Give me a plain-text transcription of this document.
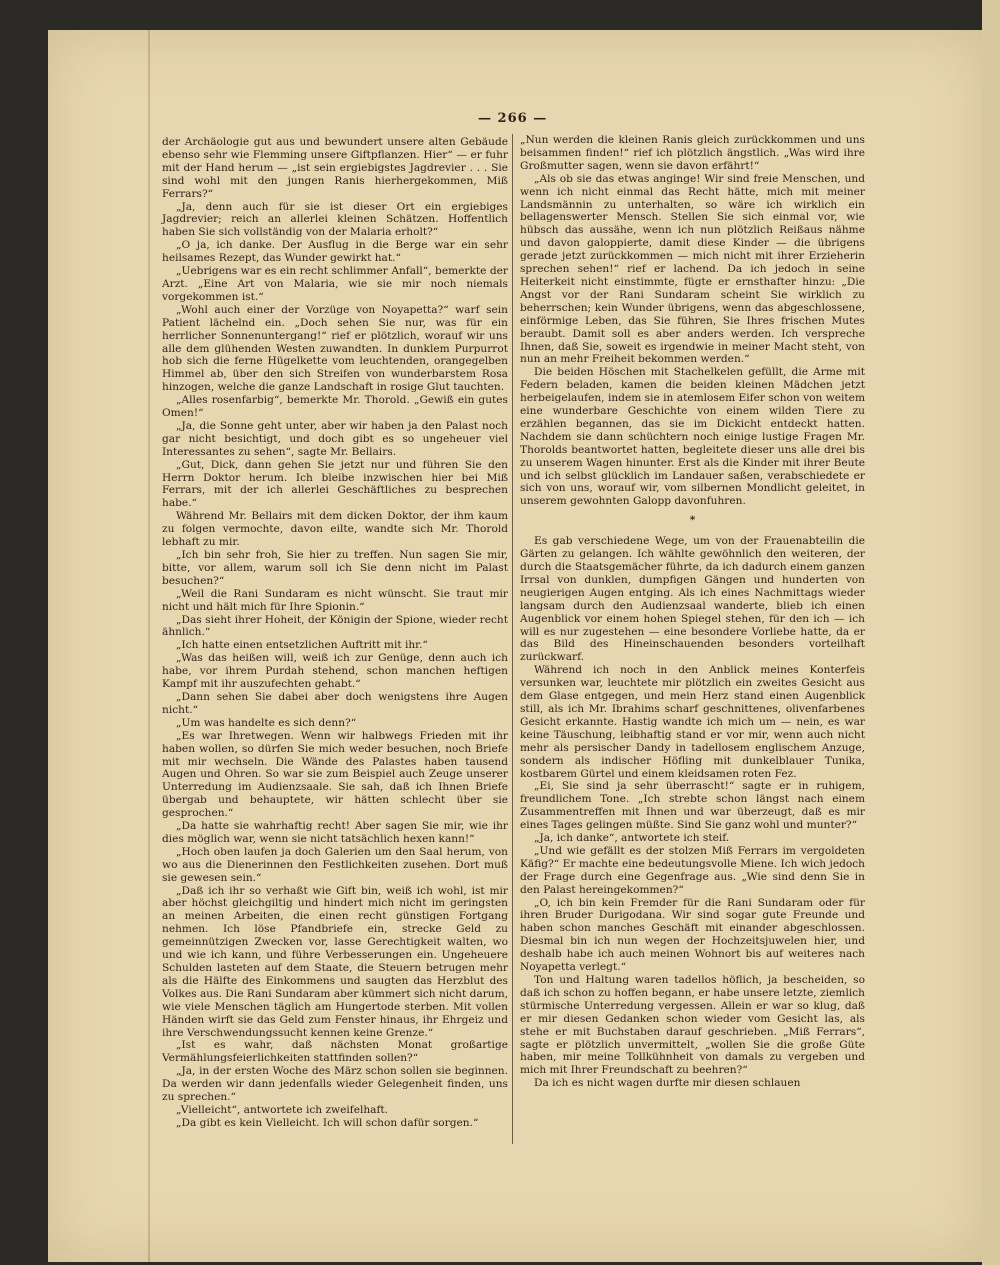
— 266 —

der Archäologie gut aus und bewundert unsere alten Gebäude ebenso sehr wie Flemming unsere Giftpflanzen. Hier“ — er fuhr mit der Hand herum — „ist sein ergiebigstes Jagdrevier . . . Sie sind wohl mit den jungen Ranis hierhergekommen, Miß Ferrars?“

„Ja, denn auch für sie ist dieser Ort ein ergiebiges Jagdrevier; reich an allerlei kleinen Schätzen. Hoffentlich haben Sie sich vollständig von der Malaria erholt?“

„O ja, ich danke. Der Ausflug in die Berge war ein sehr heilsames Rezept, das Wunder gewirkt hat.“

„Uebrigens war es ein recht schlimmer Anfall“, bemerkte der Arzt. „Eine Art von Malaria, wie sie mir noch niemals vorgekommen ist.“

„Wohl auch einer der Vorzüge von Noyapetta?“ warf sein Patient lächelnd ein. „Doch sehen Sie nur, was für ein herrlicher Sonnenuntergang!“ rief er plötzlich, worauf wir uns alle dem glühenden Westen zuwandten. In dunklem Purpurrot hob sich die ferne Hügelkette vom leuchtenden, orangegelben Himmel ab, über den sich Streifen von wunderbarstem Rosa hinzogen, welche die ganze Landschaft in rosige Glut tauchten.

„Alles rosenfarbig“, bemerkte Mr. Thorold. „Gewiß ein gutes Omen!“

„Ja, die Sonne geht unter, aber wir haben ja den Palast noch gar nicht besichtigt, und doch gibt es so ungeheuer viel Interessantes zu sehen“, sagte Mr. Bellairs.

„Gut, Dick, dann gehen Sie jetzt nur und führen Sie den Herrn Doktor herum. Ich bleibe inzwischen hier bei Miß Ferrars, mit der ich allerlei Geschäftliches zu besprechen habe.“

Während Mr. Bellairs mit dem dicken Doktor, der ihm kaum zu folgen vermochte, davon eilte, wandte sich Mr. Thorold lebhaft zu mir.

„Ich bin sehr froh, Sie hier zu treffen. Nun sagen Sie mir, bitte, vor allem, warum soll ich Sie denn nicht im Palast besuchen?“

„Weil die Rani Sundaram es nicht wünscht. Sie traut mir nicht und hält mich für Ihre Spionin.“

„Das sieht ihrer Hoheit, der Königin der Spione, wieder recht ähnlich.“

„Ich hatte einen entsetzlichen Auftritt mit ihr.“

„Was das heißen will, weiß ich zur Genüge, denn auch ich habe, vor ihrem Purdah stehend, schon manchen heftigen Kampf mit ihr auszufechten gehabt.“

„Dann sehen Sie dabei aber doch wenigstens ihre Augen nicht.“

„Um was handelte es sich denn?“

„Es war Ihretwegen. Wenn wir halbwegs Frieden mit ihr haben wollen, so dürfen Sie mich weder besuchen, noch Briefe mit mir wechseln. Die Wände des Palastes haben tausend Augen und Ohren. So war sie zum Beispiel auch Zeuge unserer Unterredung im Audienzsaale. Sie sah, daß ich Ihnen Briefe übergab und behauptete, wir hätten schlecht über sie gesprochen.“

„Da hatte sie wahrhaftig recht! Aber sagen Sie mir, wie ihr dies möglich war, wenn sie nicht tatsächlich hexen kann!“

„Hoch oben laufen ja doch Galerien um den Saal herum, von wo aus die Dienerinnen den Festlichkeiten zusehen. Dort muß sie gewesen sein.“

„Daß ich ihr so verhaßt wie Gift bin, weiß ich wohl, ist mir aber höchst gleichgiltig und hindert mich nicht im geringsten an meinen Arbeiten, die einen recht günstigen Fortgang nehmen. Ich löse Pfandbriefe ein, strecke Geld zu gemeinnützigen Zwecken vor, lasse Gerechtigkeit walten, wo und wie ich kann, und führe Verbesserungen ein. Ungeheuere Schulden lasteten auf dem Staate, die Steuern betrugen mehr als die Hälfte des Einkommens und saugten das Herzblut des Volkes aus. Die Rani Sundaram aber kümmert sich nicht darum, wie viele Menschen täglich am Hungertode sterben. Mit vollen Händen wirft sie das Geld zum Fenster hinaus, ihr Ehrgeiz und ihre Verschwendungssucht kennen keine Grenze.“

„Ist es wahr, daß nächsten Monat großartige Vermählungsfeierlichkeiten stattfinden sollen?“

„Ja, in der ersten Woche des März schon sollen sie beginnen. Da werden wir dann jedenfalls wieder Gelegenheit finden, uns zu sprechen.“

„Vielleicht“, antwortete ich zweifelhaft.

„Da gibt es kein Vielleicht. Ich will schon dafür sorgen.“

„Nun werden die kleinen Ranis gleich zurückkommen und uns beisammen finden!“ rief ich plötzlich ängstlich. „Was wird ihre Großmutter sagen, wenn sie davon erfährt!“

„Als ob sie das etwas anginge! Wir sind freie Menschen, und wenn ich nicht einmal das Recht hätte, mich mit meiner Landsmännin zu unterhalten, so wäre ich wirklich ein bellagenswerter Mensch. Stellen Sie sich einmal vor, wie hübsch das aussähe, wenn ich nun plötzlich Reißaus nähme und davon galoppierte, damit diese Kinder — die übrigens gerade jetzt zurückkommen — mich nicht mit ihrer Erzieherin sprechen sehen!“ rief er lachend. Da ich jedoch in seine Heiterkeit nicht einstimmte, fügte er ernsthafter hinzu: „Die Angst vor der Rani Sundaram scheint Sie wirklich zu beherrschen; kein Wunder übrigens, wenn das abgeschlossene, einförmige Leben, das Sie führen, Sie Ihres frischen Mutes beraubt. Damit soll es aber anders werden. Ich verspreche Ihnen, daß Sie, soweit es irgendwie in meiner Macht steht, von nun an mehr Freiheit bekommen werden.“

Die beiden Höschen mit Stachelkelen gefüllt, die Arme mit Federn beladen, kamen die beiden kleinen Mädchen jetzt herbeigelaufen, indem sie in atemlosem Eifer schon von weitem eine wunderbare Geschichte von einem wilden Tiere zu erzählen begannen, das sie im Dickicht entdeckt hatten. Nachdem sie dann schüchtern noch einige lustige Fragen Mr. Thorolds beantwortet hatten, begleitete dieser uns alle drei bis zu unserem Wagen hinunter. Erst als die Kinder mit ihrer Beute und ich selbst glücklich im Landauer saßen, verabschiedete er sich von uns, worauf wir, vom silbernen Mondlicht geleitet, in unserem gewohnten Galopp davonfuhren.

*

Es gab verschiedene Wege, um von der Frauenabteilin die Gärten zu gelangen. Ich wählte gewöhnlich den weiteren, der durch die Staatsgemächer führte, da ich dadurch einem ganzen Irrsal von dunklen, dumpfigen Gängen und hunderten von neugierigen Augen entging. Als ich eines Nachmittags wieder langsam durch den Audienzsaal wanderte, blieb ich einen Augenblick vor einem hohen Spiegel stehen, für den ich — ich will es nur zugestehen — eine besondere Vorliebe hatte, da er das Bild des Hineinschauenden besonders vorteilhaft zurückwarf.

Während ich noch in den Anblick meines Konterfeis versunken war, leuchtete mir plötzlich ein zweites Gesicht aus dem Glase entgegen, und mein Herz stand einen Augenblick still, als ich Mr. Ibrahims scharf geschnittenes, olivenfarbenes Gesicht erkannte. Hastig wandte ich mich um — nein, es war keine Täuschung, leibhaftig stand er vor mir, wenn auch nicht mehr als persischer Dandy in tadellosem englischem Anzuge, sondern als indischer Höfling mit dunkelblauer Tunika, kostbarem Gürtel und einem kleidsamen roten Fez.

„Ei, Sie sind ja sehr überrascht!“ sagte er in ruhigem, freundlichem Tone. „Ich strebte schon längst nach einem Zusammentreffen mit Ihnen und war überzeugt, daß es mir eines Tages gelingen müßte. Sind Sie ganz wohl und munter?“

„Ja, ich danke“, antwortete ich steif.

„Und wie gefällt es der stolzen Miß Ferrars im vergoldeten Käfig?“ Er machte eine bedeutungsvolle Miene. Ich wich jedoch der Frage durch eine Gegenfrage aus. „Wie sind denn Sie in den Palast hereingekommen?“

„O, ich bin kein Fremder für die Rani Sundaram oder für ihren Bruder Durigodana. Wir sind sogar gute Freunde und haben schon manches Geschäft mit einander abgeschlossen. Diesmal bin ich nun wegen der Hochzeitsjuwelen hier, und deshalb habe ich auch meinen Wohnort bis auf weiteres nach Noyapetta verlegt.“

Ton und Haltung waren tadellos höflich, ja bescheiden, so daß ich schon zu hoffen begann, er habe unsere letzte, ziemlich stürmische Unterredung vergessen. Allein er war so klug, daß er mir diesen Gedanken schon wieder vom Gesicht las, als stehe er mit Buchstaben darauf geschrieben. „Miß Ferrars“, sagte er plötzlich unvermittelt, „wollen Sie die große Güte haben, mir meine Tollkühnheit von damals zu vergeben und mich mit Ihrer Freundschaft zu beehren?“

Da ich es nicht wagen durfte mir diesen schlauen
